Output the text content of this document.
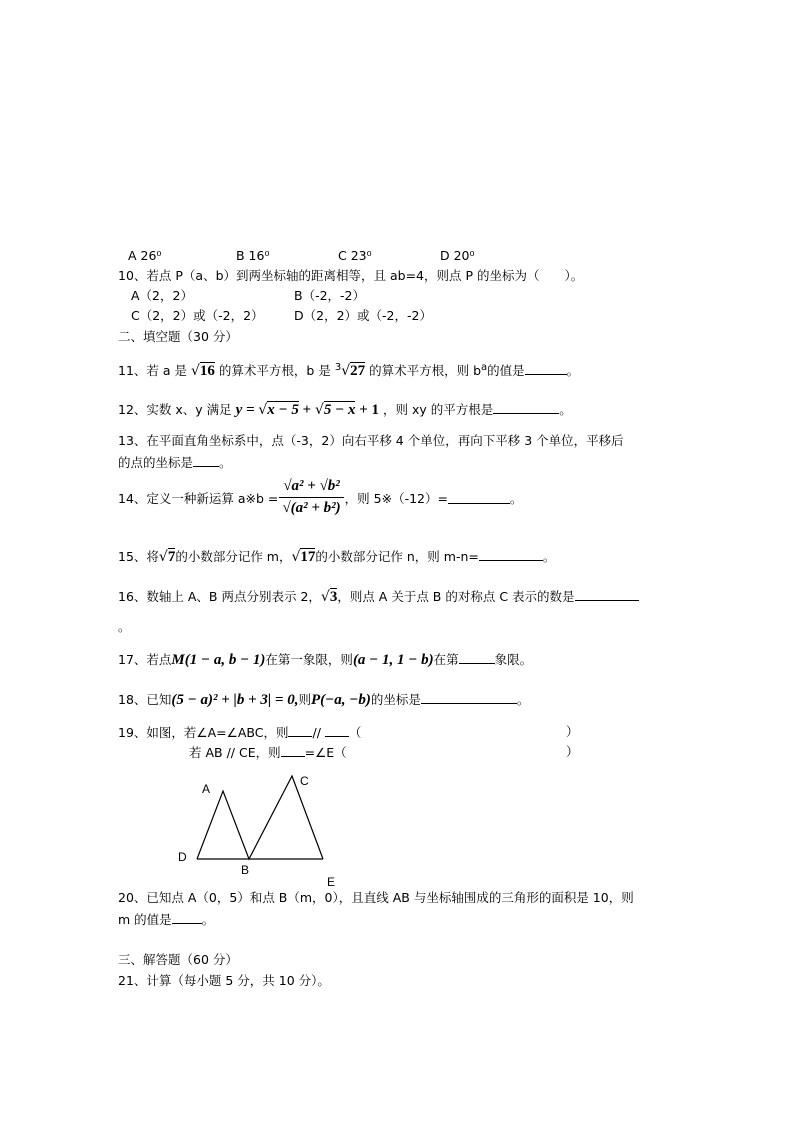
A 26⁰	B 16⁰	C 23⁰	D 20⁰
10、若点 P（a、b）到两坐标轴的距离相等，且 ab=4，则点 P 的坐标为（　　）。
A（2，2）	B（-2，-2）
C（2，2）或（-2，2） D（2，2）或（-2，-2）
二、填空题（30 分）
11、若 a 是 √16 的算术平方根，b 是 $^3$√27 的算术平方根，则 $b^a$的值是	。
12、实数 x、y 满足 y = √x − 5 + √5 − x + 1 ，则 xy 的平方根是	。
13、在平面直角坐标系中，点（-3，2）向右平移 4 个单位，再向下平移 3 个单位，平移后
的点的坐标是 。
14、定义一种新运算 a※b = $\frac{\text{√a² + √b²}}{\text{√(a² + b²)}}$ ，则 5※（-12）=	。
15、将√7的小数部分记作 m，√17的小数部分记作 n，则 m-n=	。
16、数轴上 A、B 两点分别表示 2，√3，则点 A 关于点 B 的对称点 C 表示的数是
。
17、若点M(1 − a, b − 1)在第一象限，则(a − 1, 1 − b)在第	象限。
18、已知(5 − a)² + |b + 3| = 0,则P(−a, −b)的坐标是	。
19、如图，若∠A=∠ABC，则 // （	）
若 AB // CE，则 =∠E（	）
A
B
C
D
E
20、已知点 A（0，5）和点 B（m，0），且直线 AB 与坐标轴围成的三角形的面积是 10，则
m 的值是 。
三、解答题（60 分）
21、计算（每小题 5 分，共 10 分）。
